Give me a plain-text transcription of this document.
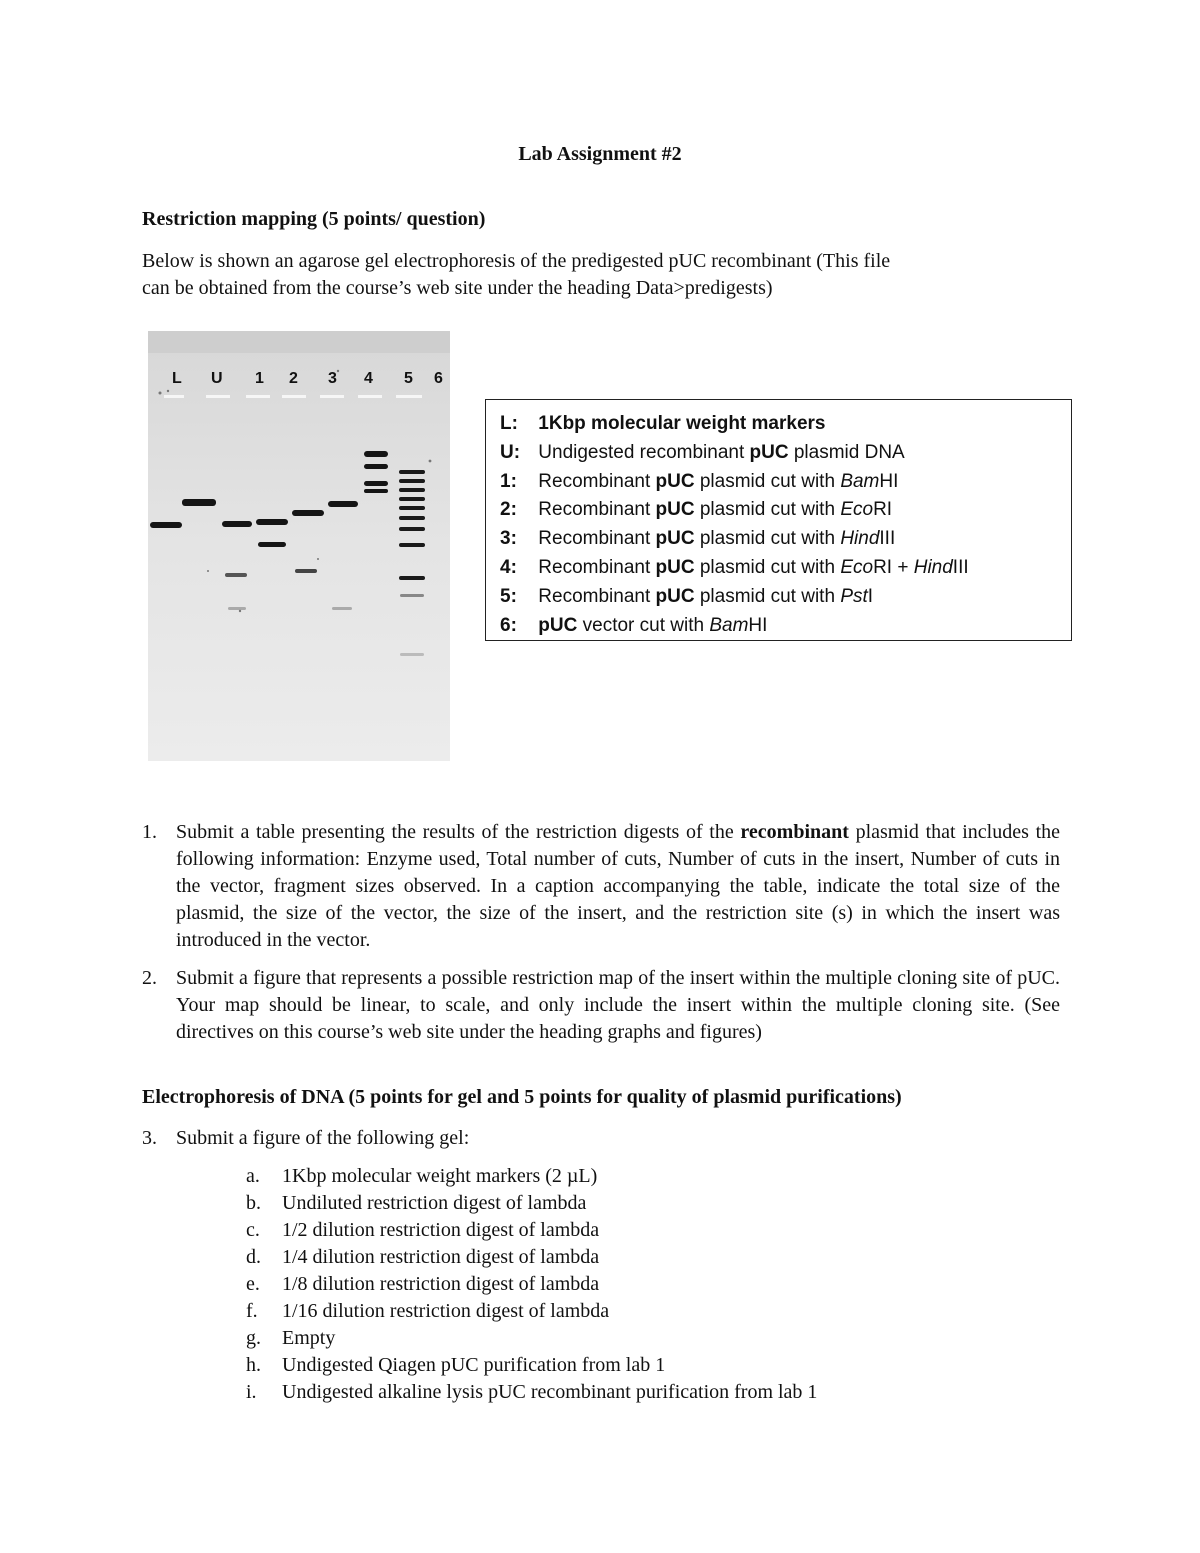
Lab Assignment #2
Restriction mapping (5 points/ question)
Below is shown an agarose gel electrophoresis of the predigested pUC recombinant (This file
can be obtained from the course’s web site under the heading Data>predigests)
L U 1 2 3 4 5 6
L: 1Kbp molecular weight markers
U: Undigested recombinant pUC plasmid DNA
1: Recombinant pUC plasmid cut with BamHI
2: Recombinant pUC plasmid cut with EcoRI
3: Recombinant pUC plasmid cut with HindIII
4: Recombinant pUC plasmid cut with EcoRI + HindIII
5: Recombinant pUC plasmid cut with PstI
6: pUC vector cut with BamHI
1. Submit a table presenting the results of the restriction digests of the recombinant plasmid that includes the following information: Enzyme used, Total number of cuts, Number of cuts in the insert, Number of cuts in the vector, fragment sizes observed. In a caption accompanying the table, indicate the total size of the plasmid, the size of the vector, the size of the insert, and the restriction site (s) in which the insert was introduced in the vector.
2. Submit a figure that represents a possible restriction map of the insert within the multiple cloning site of pUC. Your map should be linear, to scale, and only include the insert within the multiple cloning site. (See directives on this course’s web site under the heading graphs and figures)
Electrophoresis of DNA (5 points for gel and 5 points for quality of plasmid purifications)
3. Submit a figure of the following gel:
a. 1Kbp molecular weight markers (2 µL)
b. Undiluted restriction digest of lambda
c. 1/2 dilution restriction digest of lambda
d. 1/4 dilution restriction digest of lambda
e. 1/8 dilution restriction digest of lambda
f. 1/16 dilution restriction digest of lambda
g. Empty
h. Undigested Qiagen pUC purification from lab 1
i. Undigested alkaline lysis pUC recombinant purification from lab 1
